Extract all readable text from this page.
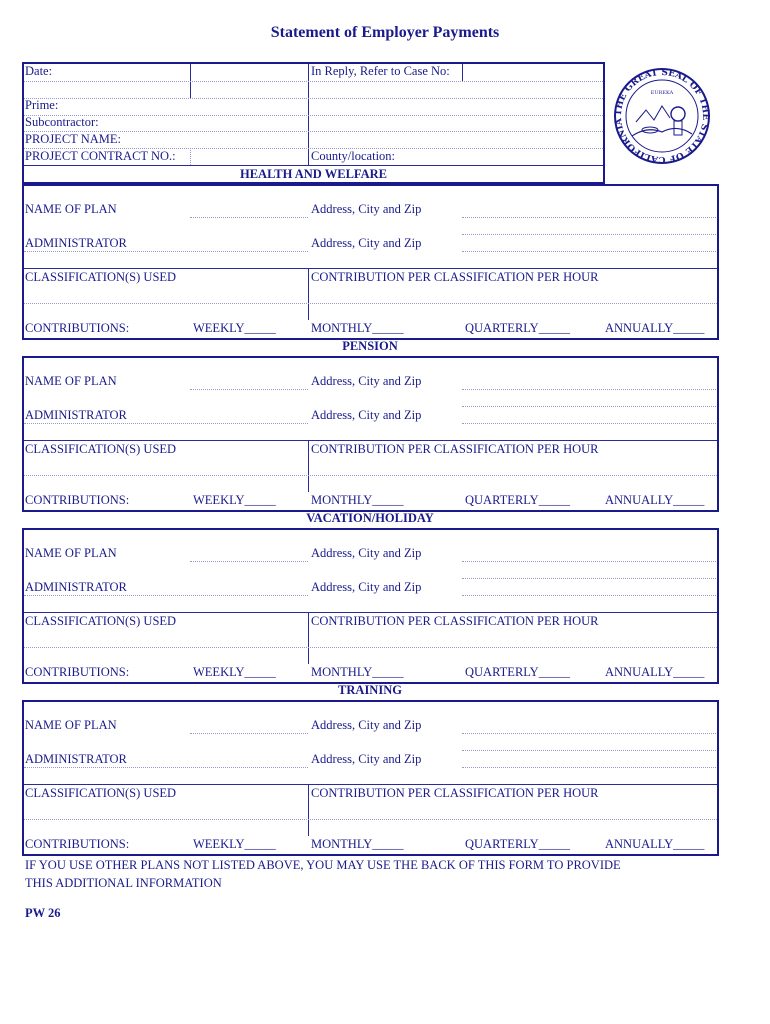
Statement of Employer Payments
Date:	In Reply, Refer to Case No:
Prime:
Subcontractor:
PROJECT NAME:
PROJECT CONTRACT NO.:	County/location:
THE GREAT SEAL OF THE STATE OF CALIFORNIA
EUREKA
HEALTH AND WELFARE
PENSION
VACATION/HOLIDAY
TRAINING
NAME OF PLAN	Address, City and Zip
ADMINISTRATOR	Address, City and Zip
CLASSIFICATION(S) USED	CONTRIBUTION PER CLASSIFICATION PER HOUR
CONTRIBUTIONS:	WEEKLY_____	MONTHLY_____	QUARTERLY_____	ANNUALLY_____
NAME OF PLAN	Address, City and Zip
ADMINISTRATOR	Address, City and Zip
CLASSIFICATION(S) USED	CONTRIBUTION PER CLASSIFICATION PER HOUR
CONTRIBUTIONS:	WEEKLY_____	MONTHLY_____	QUARTERLY_____	ANNUALLY_____
NAME OF PLAN	Address, City and Zip
ADMINISTRATOR	Address, City and Zip
CLASSIFICATION(S) USED	CONTRIBUTION PER CLASSIFICATION PER HOUR
CONTRIBUTIONS:	WEEKLY_____	MONTHLY_____	QUARTERLY_____	ANNUALLY_____
NAME OF PLAN	Address, City and Zip
ADMINISTRATOR	Address, City and Zip
CLASSIFICATION(S) USED	CONTRIBUTION PER CLASSIFICATION PER HOUR
CONTRIBUTIONS:	WEEKLY_____	MONTHLY_____	QUARTERLY_____	ANNUALLY_____
IF YOU USE OTHER PLANS NOT LISTED ABOVE, YOU MAY USE THE BACK OF THIS FORM TO PROVIDE
THIS ADDITIONAL INFORMATION
PW 26
